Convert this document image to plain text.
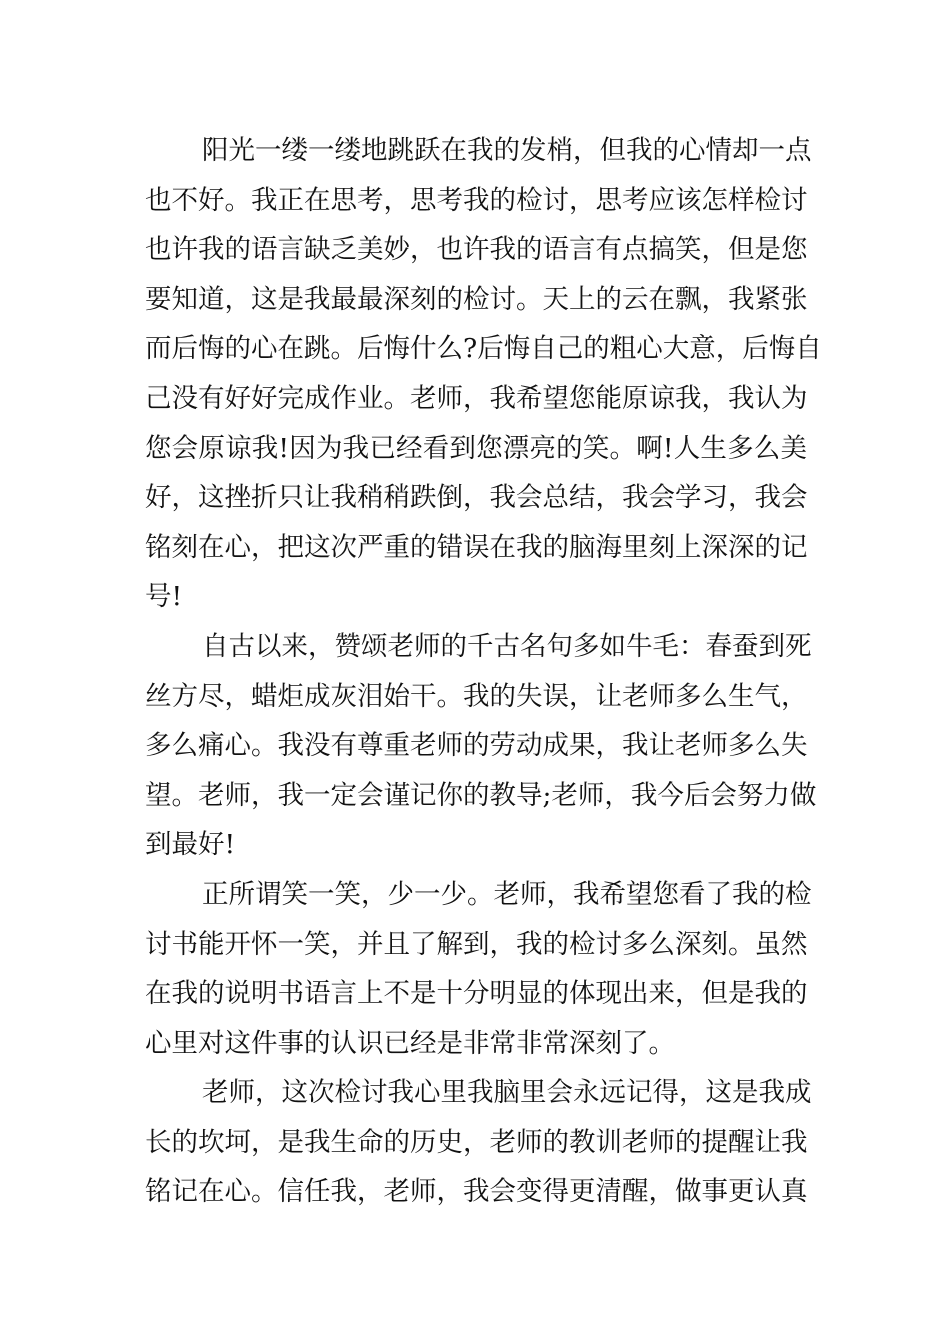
阳光一缕一缕地跳跃在我的发梢，但我的心情却一点
也不好。我正在思考，思考我的检讨，思考应该怎样检讨
也许我的语言缺乏美妙，也许我的语言有点搞笑，但是您
要知道，这是我最最深刻的检讨。天上的云在飘，我紧张
而后悔的心在跳。后悔什么?后悔自己的粗心大意，后悔自
己没有好好完成作业。老师，我希望您能原谅我，我认为
您会原谅我!因为我已经看到您漂亮的笑。啊!人生多么美
好，这挫折只让我稍稍跌倒，我会总结，我会学习，我会
铭刻在心，把这次严重的错误在我的脑海里刻上深深的记
号!
自古以来，赞颂老师的千古名句多如牛毛：春蚕到死
丝方尽，蜡炬成灰泪始干。我的失误，让老师多么生气，
多么痛心。我没有尊重老师的劳动成果，我让老师多么失
望。老师，我一定会谨记你的教导;老师，我今后会努力做
到最好!
正所谓笑一笑，少一少。老师，我希望您看了我的检
讨书能开怀一笑，并且了解到，我的检讨多么深刻。虽然
在我的说明书语言上不是十分明显的体现出来，但是我的
心里对这件事的认识已经是非常非常深刻了。
老师，这次检讨我心里我脑里会永远记得，这是我成
长的坎坷，是我生命的历史，老师的教训老师的提醒让我
铭记在心。信任我，老师，我会变得更清醒，做事更认真
